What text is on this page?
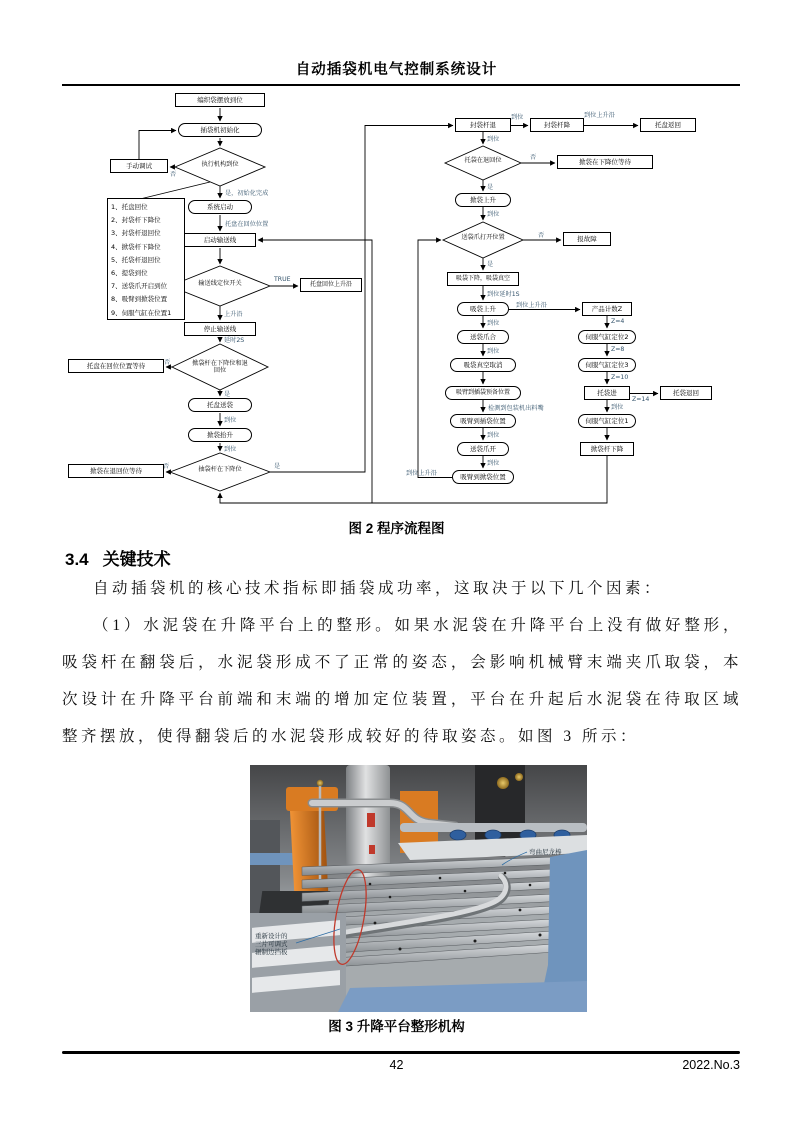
自动插袋机电气控制系统设计
编织袋摆放到位
插袋机初始化
手动调试
系统启动
启动输送线
托盘回位上升沿
停止输送线
托盘在回位位置等待
托盘送袋
掀袋抬升
掀袋在退回位等待
封袋杆退	封袋杆降	托盘返回
掀袋在下降位等待
掀袋上升
报故障
吸袋下降，吸袋真空
吸袋上升	产品计数Z
伺服气缸定位2
伺服气缸定位3
托袋进	托袋退回
伺服气缸定位1
掀袋杆下降
送袋爪合
吸袋真空取消
吸臂到插袋预备位置
吸臂到插袋位置
送袋爪开
吸臂到掀袋位置
执行机构到位
输送线定位开关
掀袋杆在下降位和退回位
抽袋杆在下降位
托袋在退回位
送袋爪打开位置
1、托盘回位
2、封袋杆下降位
3、封袋杆退回位
4、掀袋杆下降位
5、托袋杆退回位
6、提袋到位
7、送袋爪开启到位
8、吸臂到掀袋位置
9、伺服气缸在位置1
否
是，初始化完成
托盘在回位位置
TRUE
上升沿
延时2S
否
是
到位
到位
否	是
到位	到位上升沿
到位
否
是
到位
否
是
到位延时1S
到位上升沿
Z=4
Z=8
Z=10
Z=14
到位
到位
到位
检测到包装机出料嘴
到位
到位
到位上升沿
图 2 程序流程图
3.4 关键技术
自动插袋机的核心技术指标即插袋成功率，这取决于以下几个因素：
（1）水泥袋在升降平台上的整形。如果水泥袋在升降平台上没有做好整形，吸袋杆在翻袋后，水泥袋形成不了正常的姿态，会影响机械臂末端夹爪取袋，本次设计在升降平台前端和末端的增加定位装置，平台在升起后水泥袋在待取区域整齐摆放，使得翻袋后的水泥袋形成较好的待取姿态。如图 3 所示：
弯曲尼龙棒
重新设计的
三片可调式
辗制边挡板
图 3 升降平台整形机构
42	2022.No.3
